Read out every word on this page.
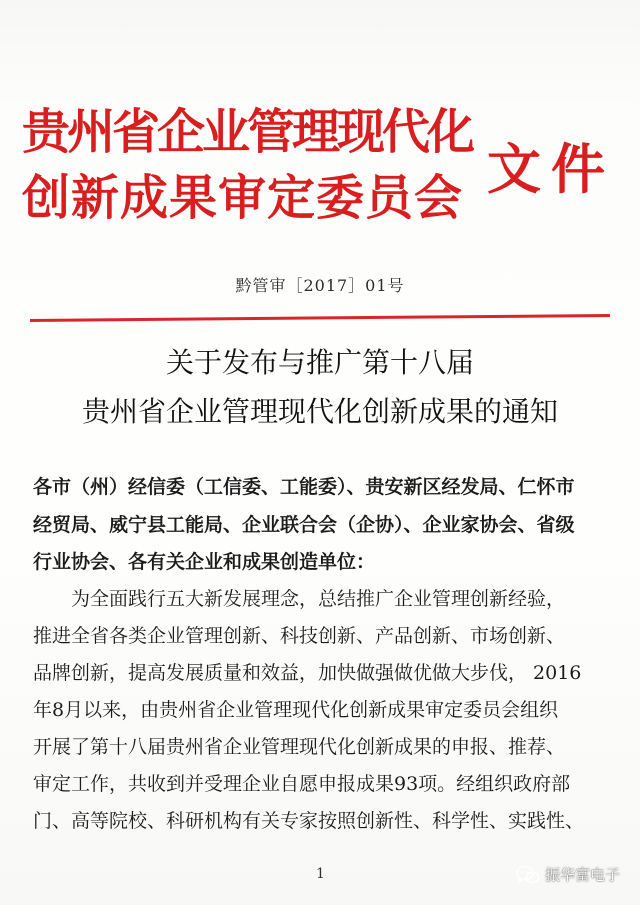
贵州省企业管理现代化
创新成果审定委员会 文件
黔管审［2017］01号
关于发布与推广第十八届
贵州省企业管理现代化创新成果的通知
各市（州）经信委（工信委、工能委）、贵安新区经发局、仁怀市
经贸局、威宁县工能局、企业联合会（企协）、企业家协会、省级
行业协会、各有关企业和成果创造单位：
　　为全面践行五大新发展理念，总结推广企业管理创新经验，
推进全省各类企业管理创新、科技创新、产品创新、市场创新、
品牌创新，提高发展质量和效益，加快做强做优做大步伐， 2016
年8月以来，由贵州省企业管理现代化创新成果审定委员会组织
开展了第十八届贵州省企业管理现代化创新成果的申报、推荐、
审定工作，共收到并受理企业自愿申报成果93项。经组织政府部
门、高等院校、科研机构有关专家按照创新性、科学性、实践性、
1	振华富电子
